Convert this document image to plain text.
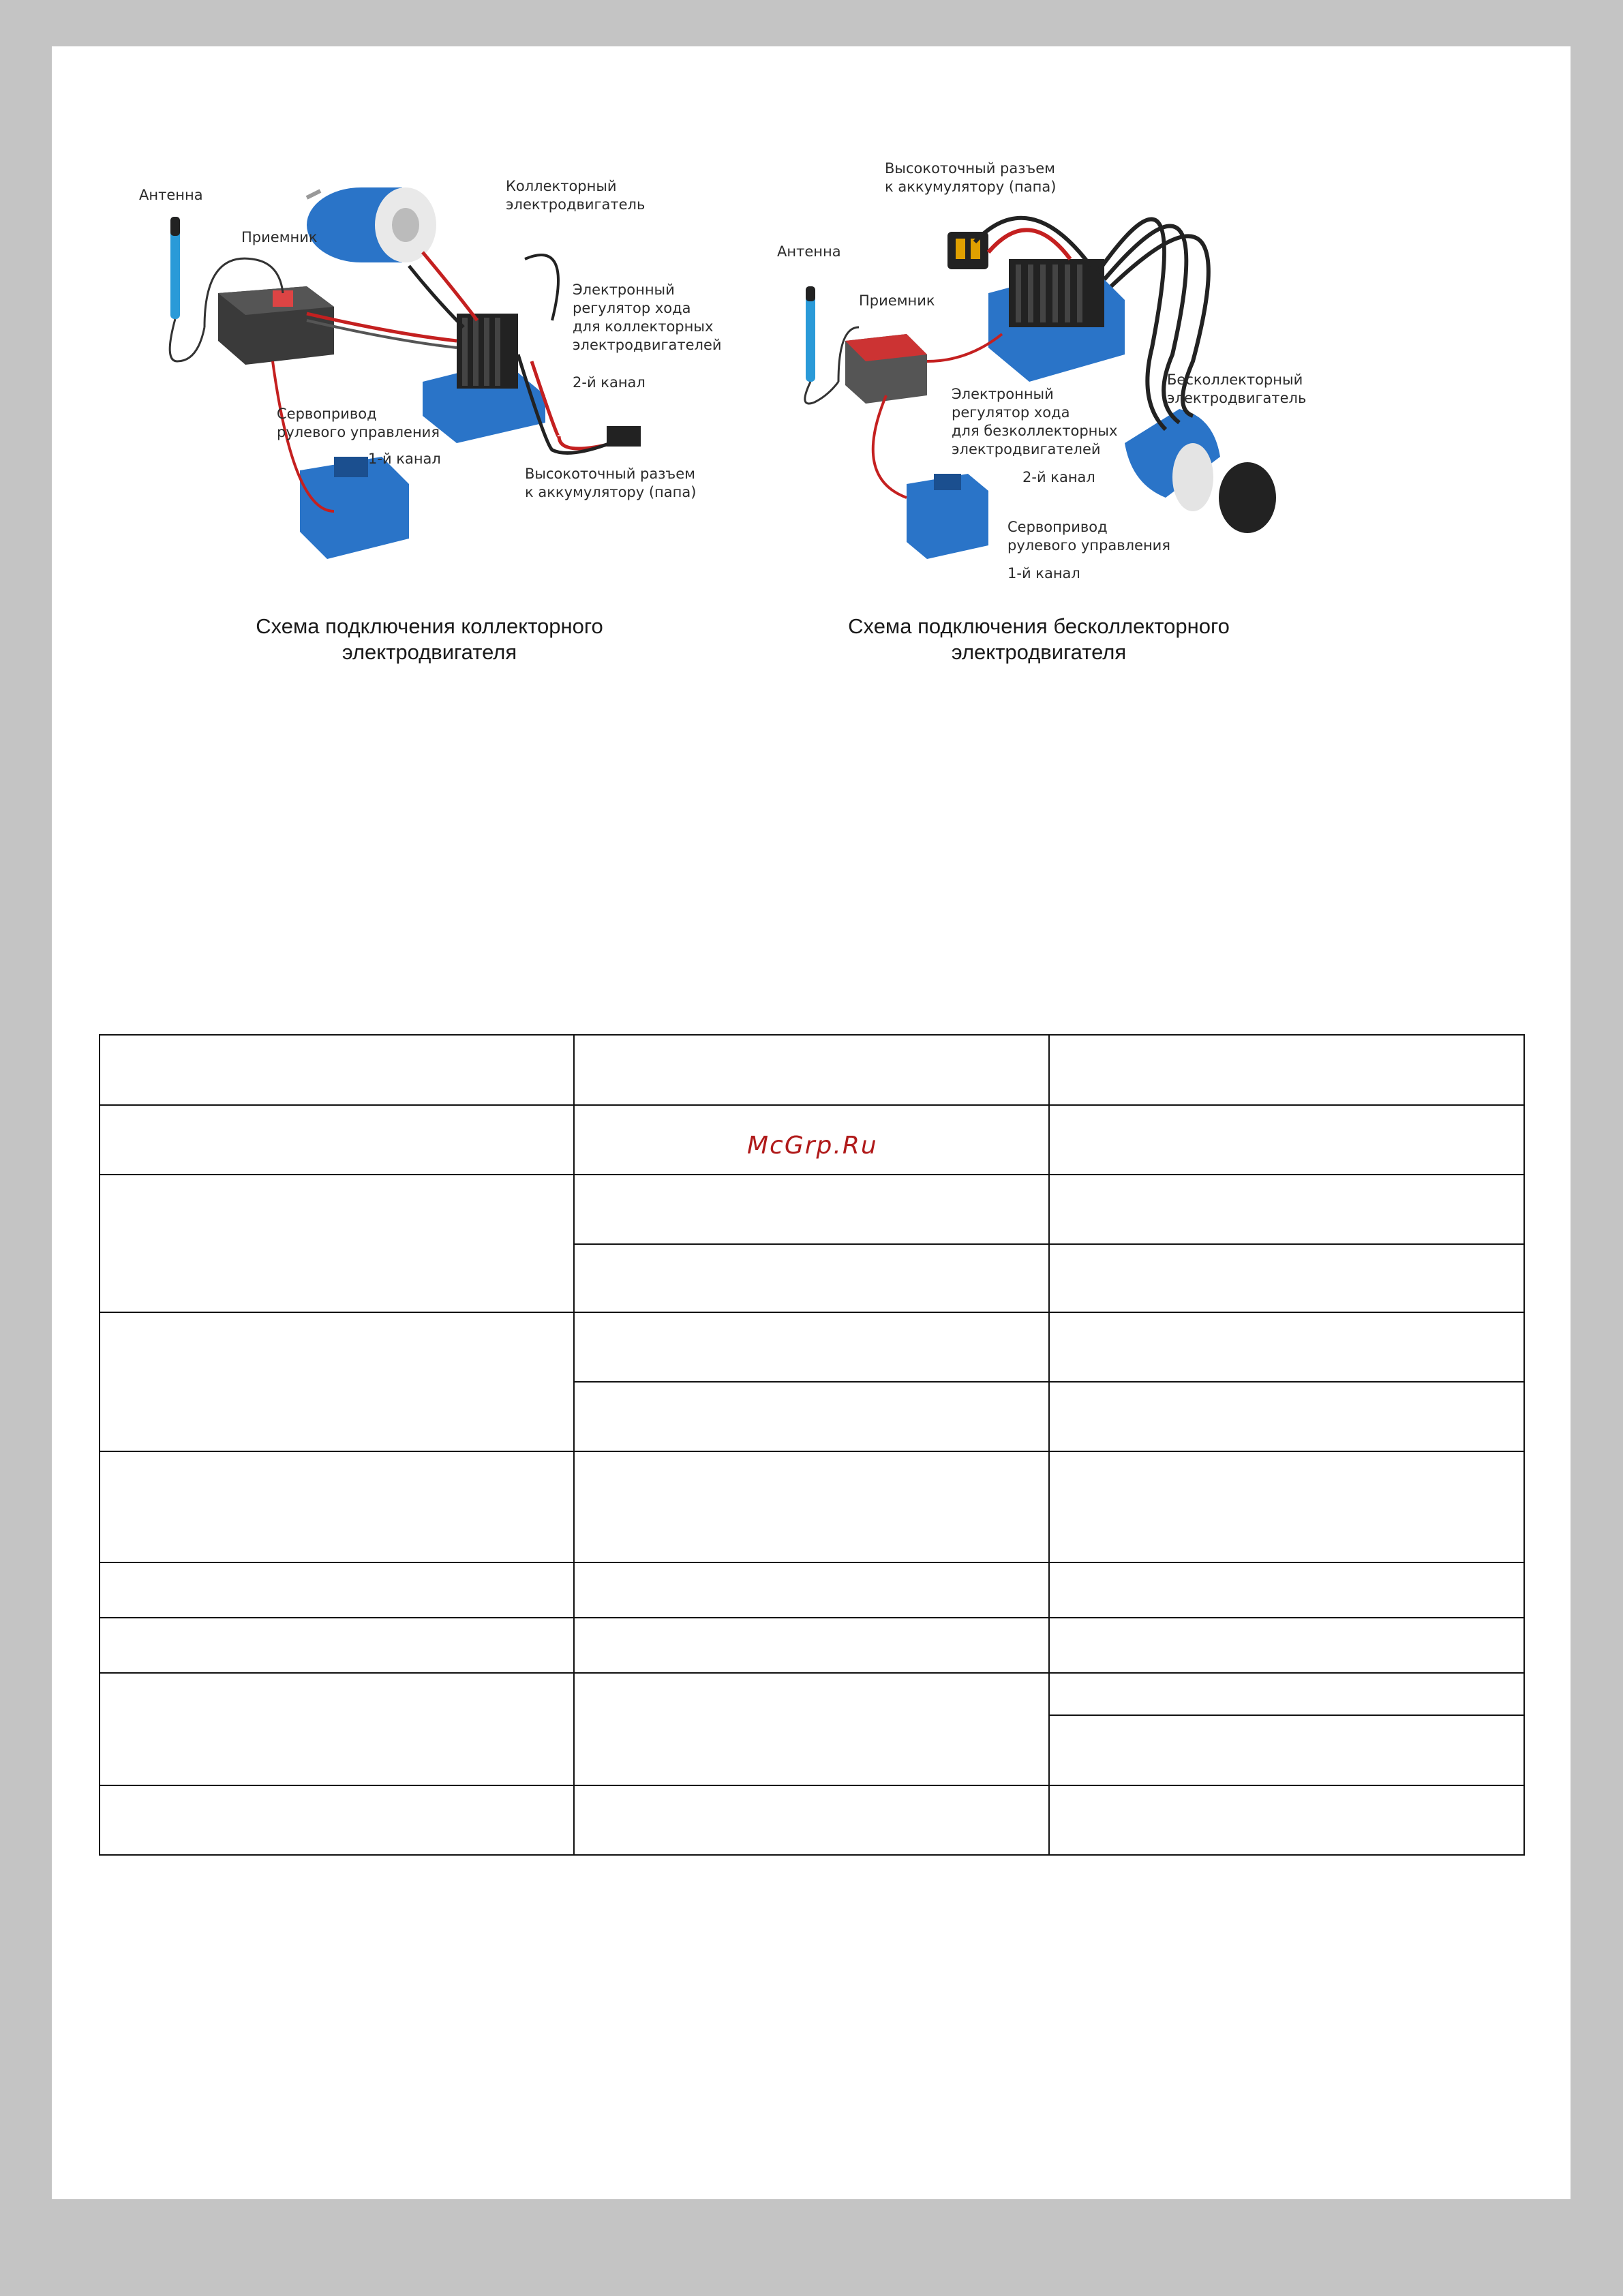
Антенна
Приемник
Коллекторный
электродвигатель
Электронный
регулятор хода
для коллекторных
электродвигателей
2-й канал
Сервопривод
рулевого управления
1-й канал
Высокоточный разъем
к аккумулятору (папа)
Схема подключения коллекторного
электродвигателя
Высокоточный разъем
к аккумулятору (папа)
Антенна
Приемник
Электронный
регулятор хода
для безколлекторных
электродвигателей
2-й канал
Бесколлекторный
электродвигатель
Сервопривод
рулевого управления
1-й канал
Схема подключения бесколлекторного
электродвигателя
McGrp.Ru
